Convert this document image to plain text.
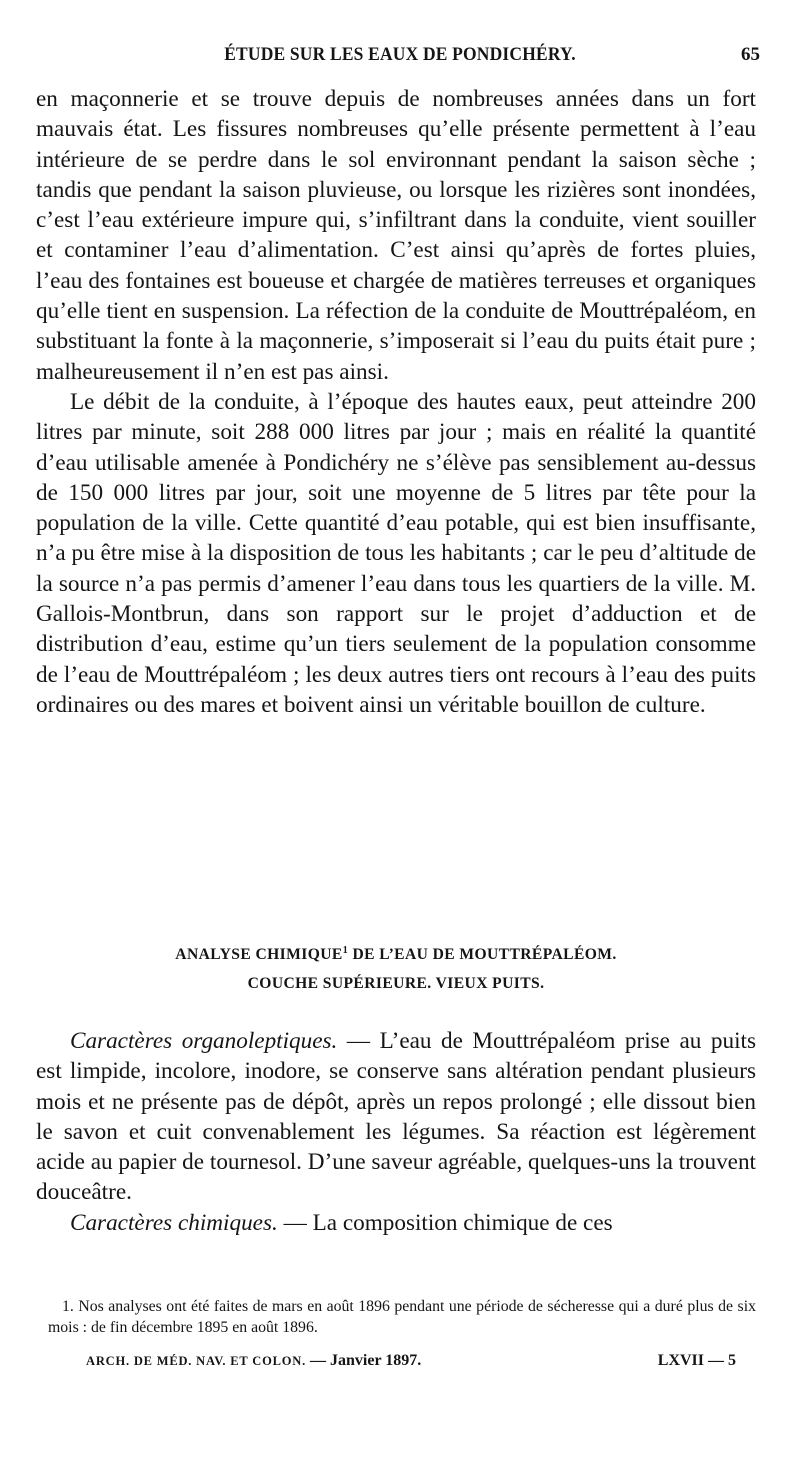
ÉTUDE SUR LES EAUX DE PONDICHÉRY.	65

en maçonnerie et se trouve depuis de nombreuses années dans un fort mauvais état. Les fissures nombreuses qu’elle présente permettent à l’eau intérieure de se perdre dans le sol environnant pendant la saison sèche ; tandis que pendant la saison pluvieuse, ou lorsque les rizières sont inondées, c’est l’eau extérieure impure qui, s’infiltrant dans la conduite, vient souiller et contaminer l’eau d’alimentation. C’est ainsi qu’après de fortes pluies, l’eau des fontaines est boueuse et chargée de matières terreuses et organiques qu’elle tient en suspension. La réfection de la conduite de Mouttrépaléom, en substituant la fonte à la maçonnerie, s’imposerait si l’eau du puits était pure ; malheureusement il n’en est pas ainsi.

Le débit de la conduite, à l’époque des hautes eaux, peut atteindre 200 litres par minute, soit 288 000 litres par jour ; mais en réalité la quantité d’eau utilisable amenée à Pondichéry ne s’élève pas sensiblement au-dessus de 150 000 litres par jour, soit une moyenne de 5 litres par tête pour la population de la ville. Cette quantité d’eau potable, qui est bien insuffisante, n’a pu être mise à la disposition de tous les habitants ; car le peu d’altitude de la source n’a pas permis d’amener l’eau dans tous les quartiers de la ville. M. Gallois-Montbrun, dans son rapport sur le projet d’adduction et de distribution d’eau, estime qu’un tiers seulement de la population consomme de l’eau de Mouttrépaléom ; les deux autres tiers ont recours à l’eau des puits ordinaires ou des mares et boivent ainsi un véritable bouillon de culture.

ANALYSE CHIMIQUE$^1$ DE L’EAU DE MOUTTRÉPALÉOM.
COUCHE SUPÉRIEURE. VIEUX PUITS.

Caractères organoleptiques. — L’eau de Mouttrépaléom prise au puits est limpide, incolore, inodore, se conserve sans altération pendant plusieurs mois et ne présente pas de dépôt, après un repos prolongé ; elle dissout bien le savon et cuit convenablement les légumes. Sa réaction est légèrement acide au papier de tournesol. D’une saveur agréable, quelques-uns la trouvent douceâtre.

Caractères chimiques. — La composition chimique de ces

1. Nos analyses ont été faites de mars en août 1896 pendant une période de sécheresse qui a duré plus de six mois : de fin décembre 1895 en août 1896.

ARCH. DE MÉD. NAV. ET COLON. — Janvier 1897.	LXVII — 5
